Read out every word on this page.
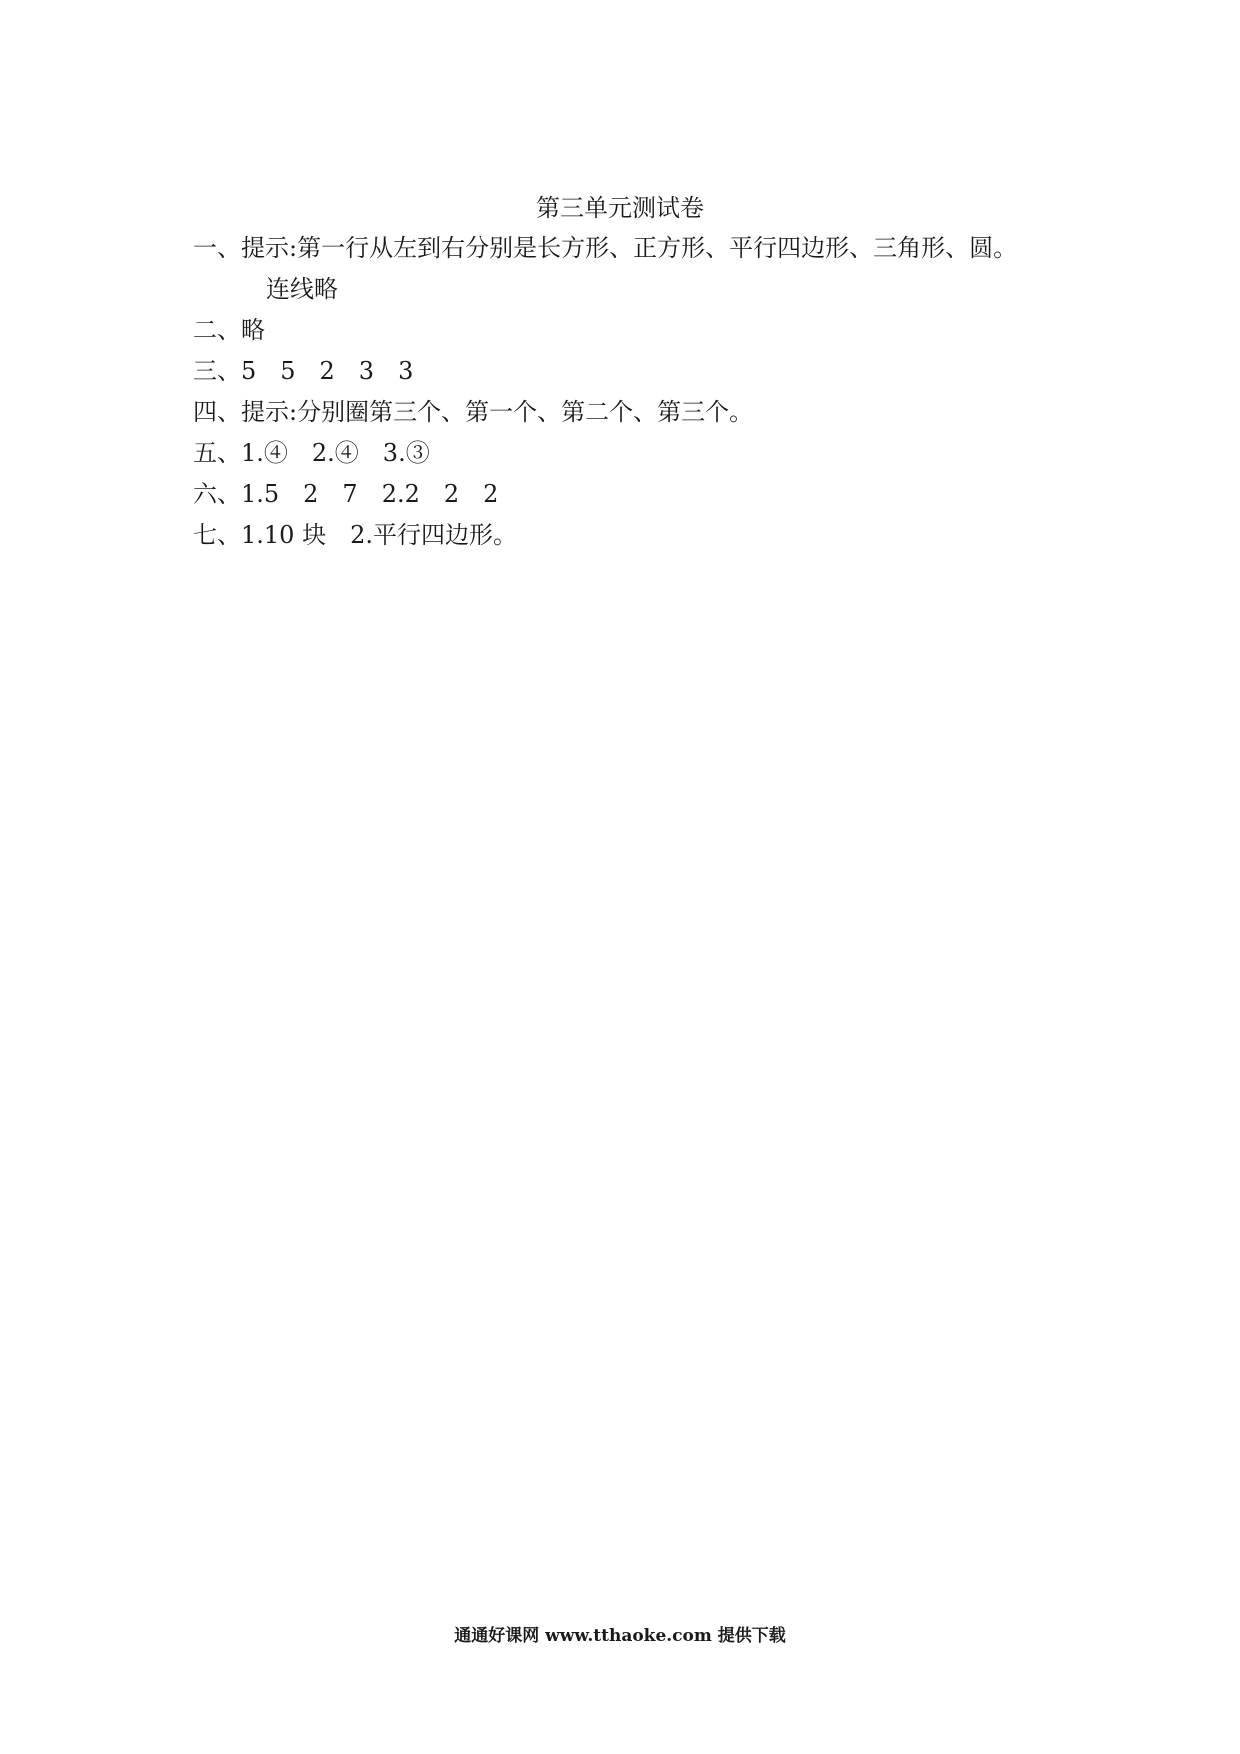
第三单元测试卷
一、提示:第一行从左到右分别是长方形、正方形、平行四边形、三角形、圆。
连线略
二、略
三、5　5　2　3　3
四、提示:分别圈第三个、第一个、第二个、第三个。
五、1.④　2.④　3.③
六、1.5　2　7　2.2　2　2
七、1.10 块　2.平行四边形。
通通好课网 www.tthaoke.com 提供下载
